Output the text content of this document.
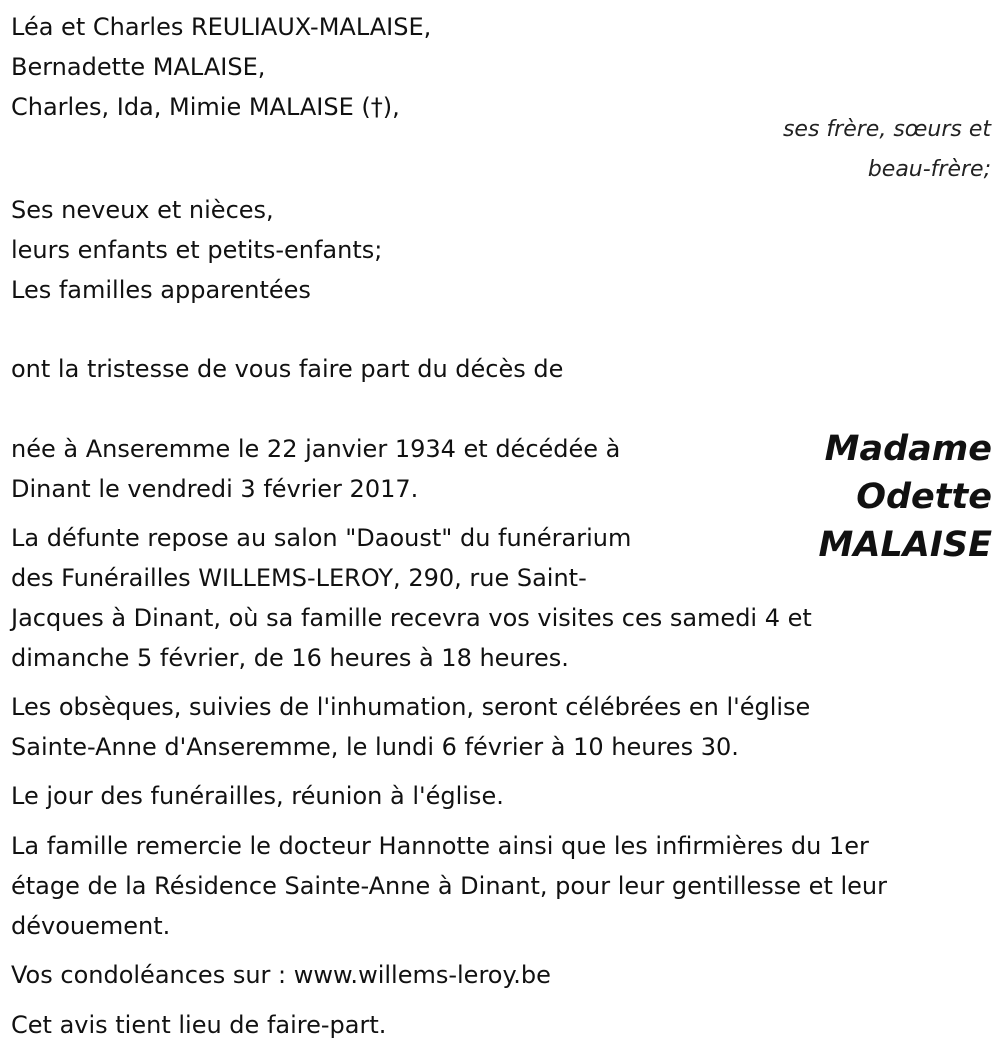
Léa et Charles REULIAUX-MALAISE,

Bernadette MALAISE,

Charles, Ida, Mimie MALAISE (†),

ses frère, sœurs et
beau-frère;

Ses neveux et nièces,

leurs enfants et petits-enfants;

Les familles apparentées

ont la tristesse de vous faire part du décès de

Madame
Odette
MALAISE

née à Anseremme le 22 janvier 1934 et décédée à

Dinant le vendredi 3 février 2017.

La défunte repose au salon "Daoust" du funérarium

des Funérailles WILLEMS-LEROY, 290, rue Saint-

Jacques à Dinant, où sa famille recevra vos visites ces samedi 4 et

dimanche 5 février, de 16 heures à 18 heures.

Les obsèques, suivies de l'inhumation, seront célébrées en l'église

Sainte-Anne d'Anseremme, le lundi 6 février à 10 heures 30.

Le jour des funérailles, réunion à l'église.

La famille remercie le docteur Hannotte ainsi que les infirmières du 1er

étage de la Résidence Sainte-Anne à Dinant, pour leur gentillesse et leur

dévouement.

Vos condoléances sur : www.willems-leroy.be

Cet avis tient lieu de faire-part.
